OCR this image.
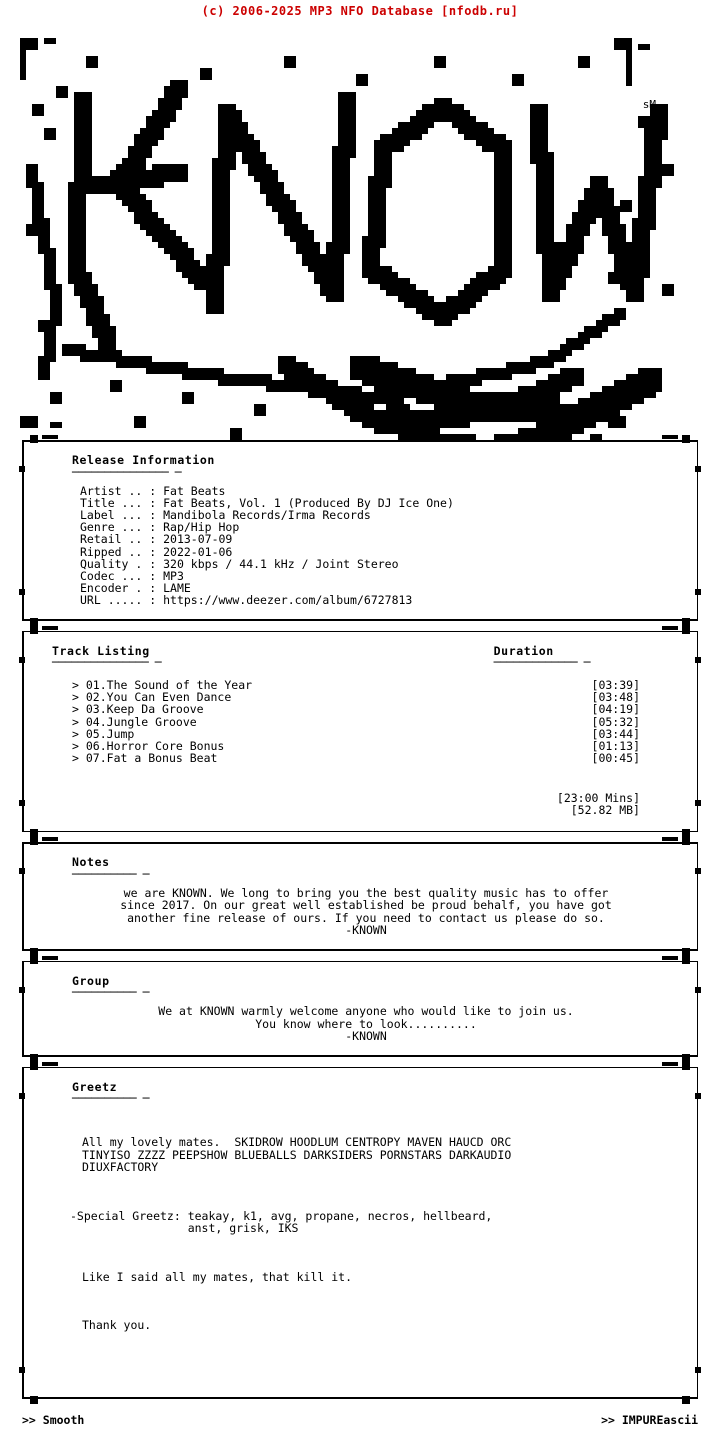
(c) 2006-2025 MP3 NFO Database [nfodb.ru]
sM
Release Information
─────────────── ─
Artist .. : Fat Beats
Title ... : Fat Beats, Vol. 1 (Produced By DJ Ice One)
Label ... : Mandibola Records/Irma Records
Genre ... : Rap/Hip Hop
Retail .. : 2013-07-09
Ripped .. : 2022-01-06
Quality . : 320 kbps / 44.1 kHz / Joint Stereo
Codec ... : MP3
Encoder . : LAME
URL ..... : https://www.deezer.com/album/6727813
Track Listing
─────────────── ─
Duration
───────────── ─
>
01. The Sound of the Year	[03:39]
>
02. You Can Even Dance	[03:48]
>
03. Keep Da Groove	[04:19]
>
04. Jungle Groove	[05:32]
>
05. Jump	[03:44]
>
06. Horror Core Bonus	[01:13]
>
07. Fat a Bonus Beat	[00:45]
[23:00 Mins]
[52.82 MB]
Notes
────────── ─
we are KNOWN. We long to bring you the best quality music has to offer
since 2017. On our great well established be proud behalf, you have got
another fine release of ours. If you need to contact us please do so.
-KNOWN
Group
────────── ─
We at KNOWN warmly welcome anyone who would like to join us.
You know where to look..........
-KNOWN
Greetz
────────── ─

All my lovely mates.  SKIDROW HOODLUM CENTROPY MAVEN HAUCD ORC
TINYISO ZZZZ PEEPSHOW BLUEBALLS DARKSIDERS PORNSTARS DARKAUDIO
DIUXFACTORY

-Special Greetz: teakay, k1, avg, propane, necros, hellbeard,
anst, grisk, IKS

Like I said all my mates, that kill it.

Thank you.

>> Smooth	>> IMPUREascii
